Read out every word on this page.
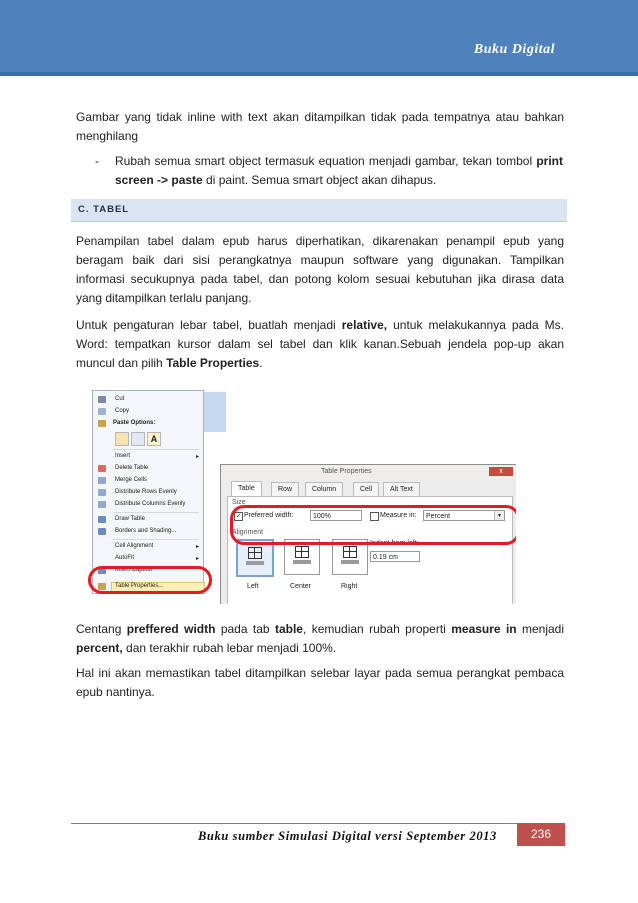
Buku Digital
Gambar yang tidak inline with text akan ditampilkan tidak pada tempatnya atau bahkan menghilang
- Rubah semua smart object termasuk equation menjadi gambar, tekan tombol print screen -> paste di paint. Semua smart object akan dihapus.
C. TABEL
Penampilan tabel dalam epub harus diperhatikan, dikarenakan penampil epub yang beragam baik dari sisi perangkatnya maupun software yang digunakan. Tampilkan informasi secukupnya pada tabel, dan potong kolom sesuai kebutuhan jika dirasa data yang ditampilkan terlalu panjang.
Untuk pengaturan lebar tabel, buatlah menjadi relative, untuk melakukannya pada Ms. Word: tempatkan kursor dalam sel tabel dan klik kanan.Sebuah jendela pop-up akan muncul dan pilih Table Properties.
Cut
Copy
Paste Options:
A
Insert	▸
Delete Table
Merge Cells
Distribute Rows Evenly
Distribute Columns Evenly
Draw Table
Borders and Shading...
Cell Alignment	▸
AutoFit	▸
Insert Caption
Table Properties...
Table Properties	x
Table	Row	Column	Cell	Alt Text
Size
✓ Preferred width:	100%	Measure in:	Percent	▾
Alignment
Indent from left:
0.19 cm
Left	Center	Right
Centang preffered width pada tab table, kemudian rubah properti measure in menjadi percent, dan terakhir rubah lebar menjadi 100%.
Hal ini akan memastikan tabel ditampilkan selebar layar pada semua perangkat pembaca epub nantinya.
Buku sumber Simulasi Digital versi September 2013	236
